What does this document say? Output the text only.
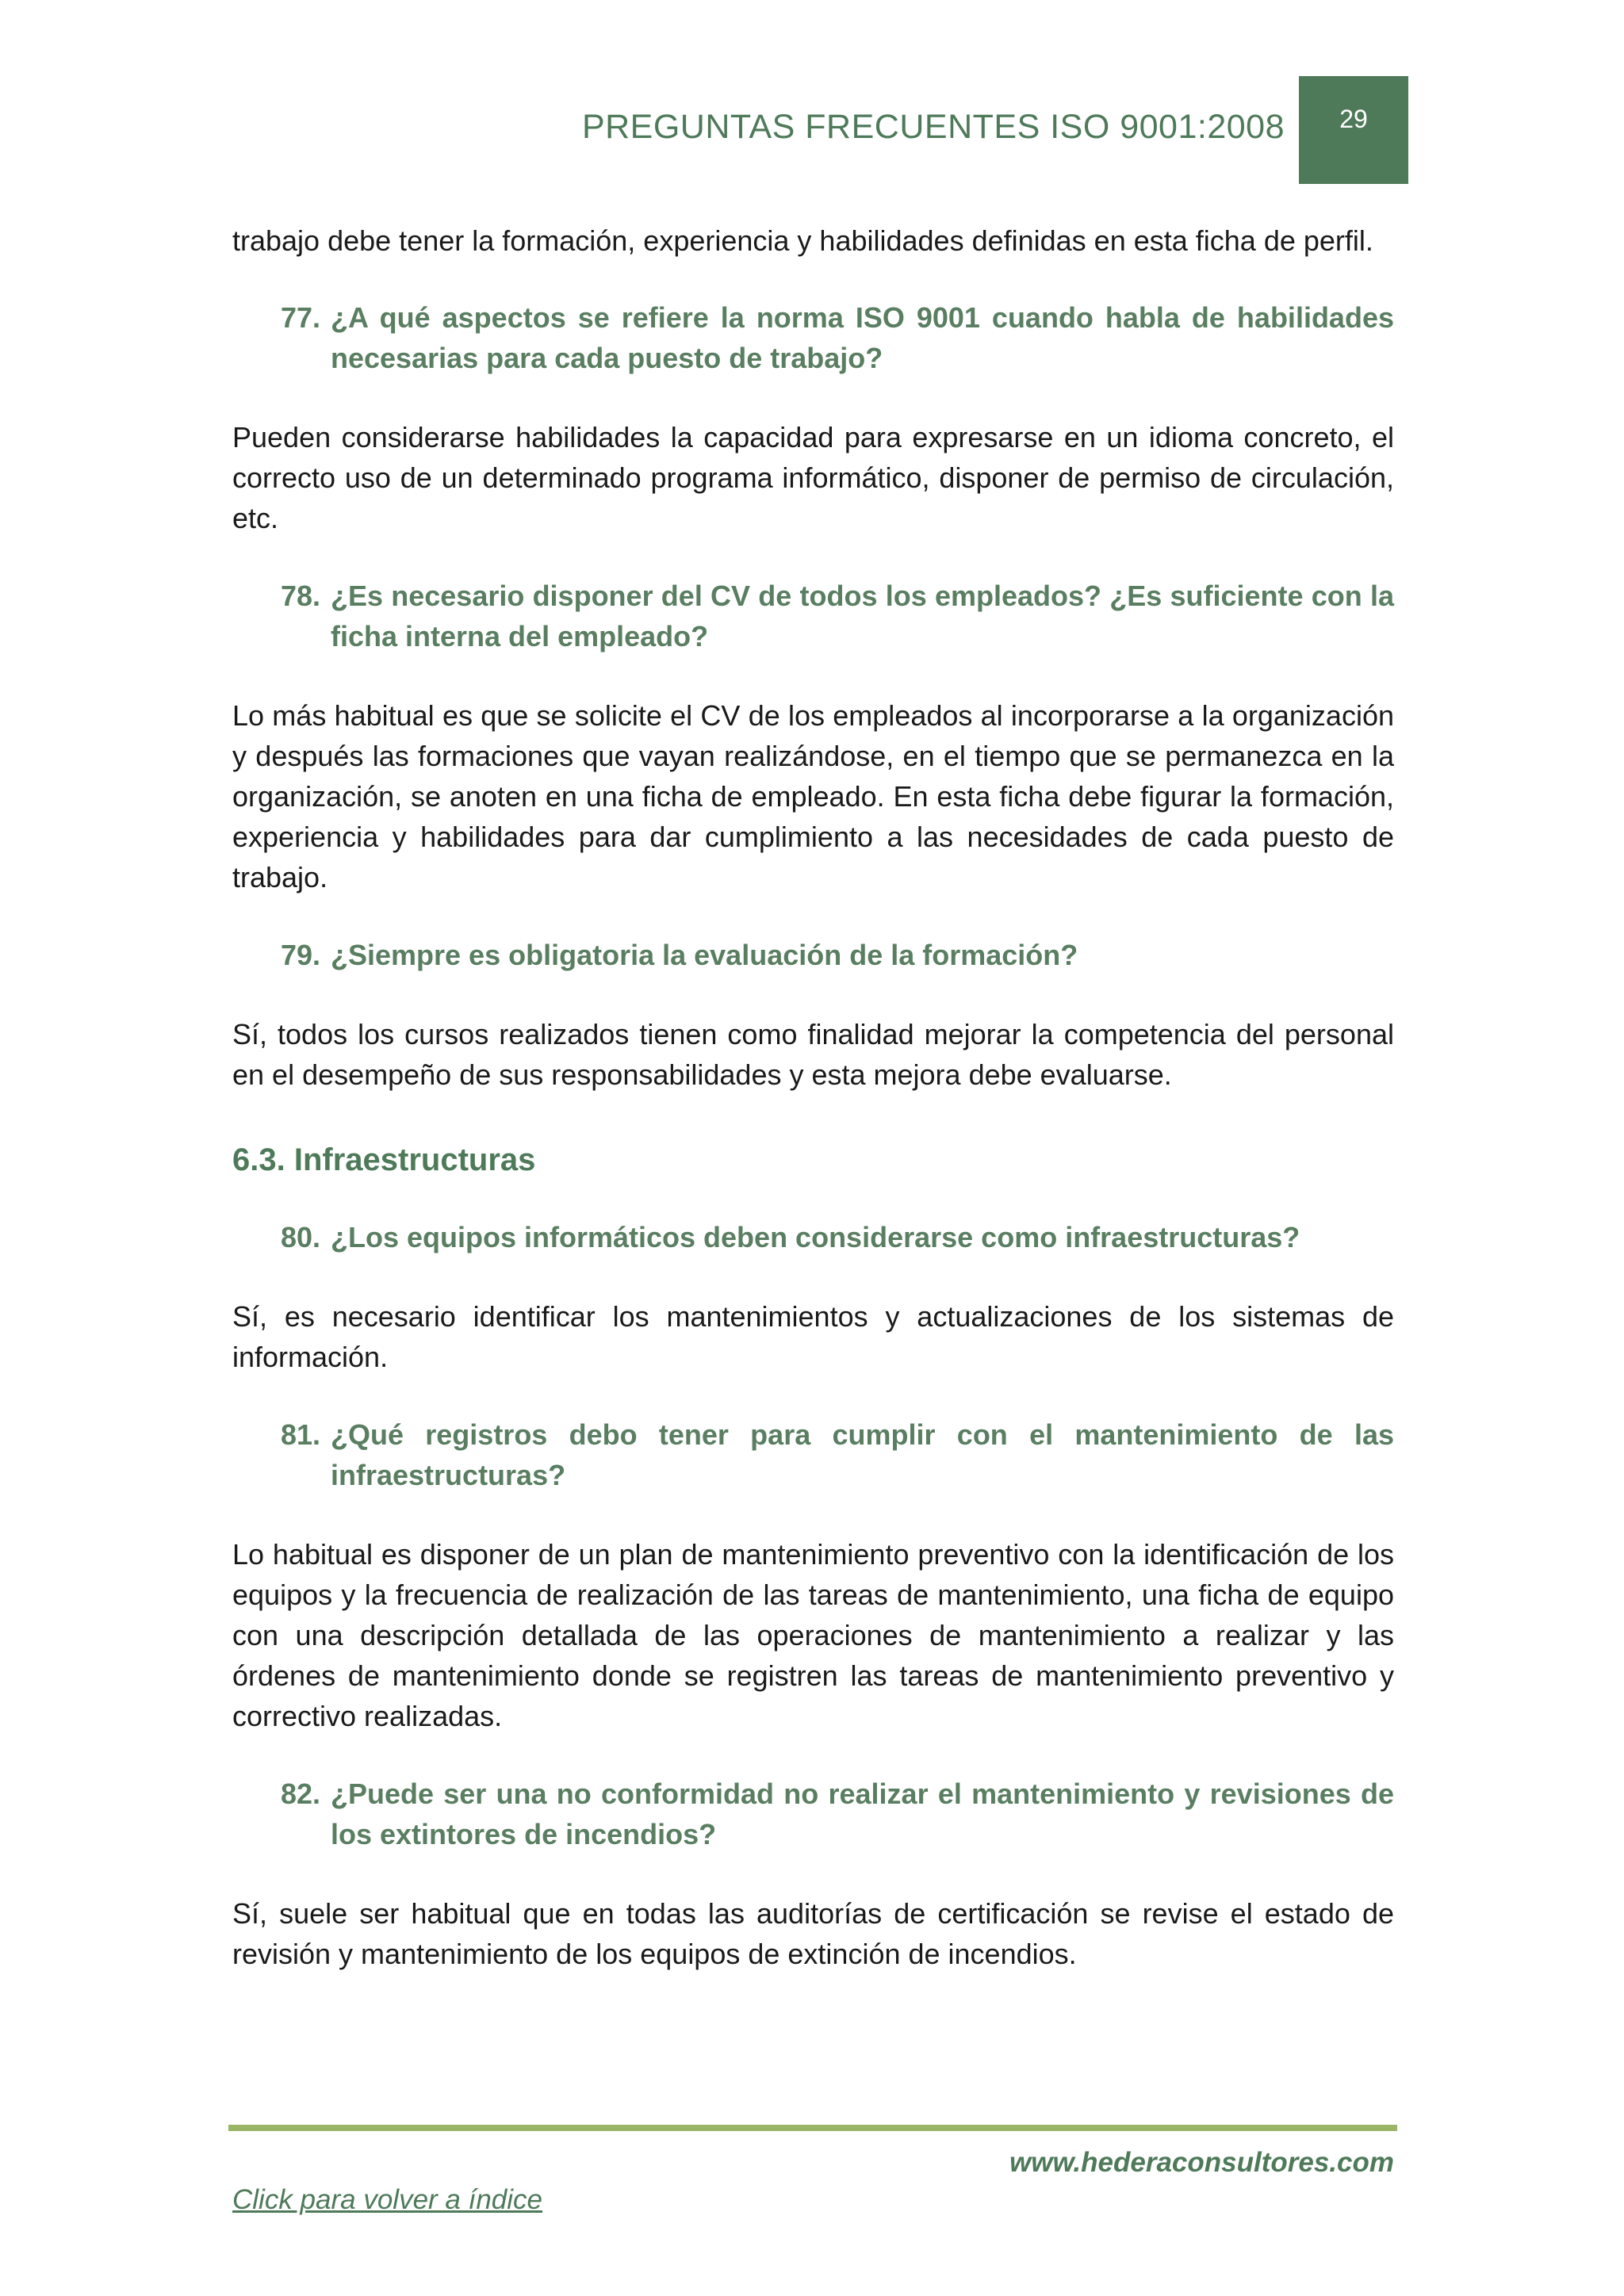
PREGUNTAS FRECUENTES ISO 9001:2008 29

trabajo debe tener la formación, experiencia y habilidades definidas en esta ficha de perfil.

77. ¿A qué aspectos se refiere la norma ISO 9001 cuando habla de habilidades necesarias para cada puesto de trabajo?

Pueden considerarse habilidades la capacidad para expresarse en un idioma concreto, el correcto uso de un determinado programa informático, disponer de permiso de circulación, etc.

78. ¿Es necesario disponer del CV de todos los empleados? ¿Es suficiente con la ficha interna del empleado?

Lo más habitual es que se solicite el CV de los empleados al incorporarse a la organización y después las formaciones que vayan realizándose, en el tiempo que se permanezca en la organización, se anoten en una ficha de empleado. En esta ficha debe figurar la formación, experiencia y habilidades para dar cumplimiento a las necesidades de cada puesto de trabajo.

79. ¿Siempre es obligatoria la evaluación de la formación?

Sí, todos los cursos realizados tienen como finalidad mejorar la competencia del personal en el desempeño de sus responsabilidades y esta mejora debe evaluarse.

6.3. Infraestructuras

80. ¿Los equipos informáticos deben considerarse como infraestructuras?

Sí, es necesario identificar los mantenimientos y actualizaciones de los sistemas de información.

81. ¿Qué registros debo tener para cumplir con el mantenimiento de las infraestructuras?

Lo habitual es disponer de un plan de mantenimiento preventivo con la identificación de los equipos y la frecuencia de realización de las tareas de mantenimiento, una ficha de equipo con una descripción detallada de las operaciones de mantenimiento a realizar y las órdenes de mantenimiento donde se registren las tareas de mantenimiento preventivo y correctivo realizadas.

82. ¿Puede ser una no conformidad no realizar el mantenimiento y revisiones de los extintores de incendios?

Sí, suele ser habitual que en todas las auditorías de certificación se revise el estado de revisión y mantenimiento de los equipos de extinción de incendios.

www.hederaconsultores.com
Click para volver a índice
